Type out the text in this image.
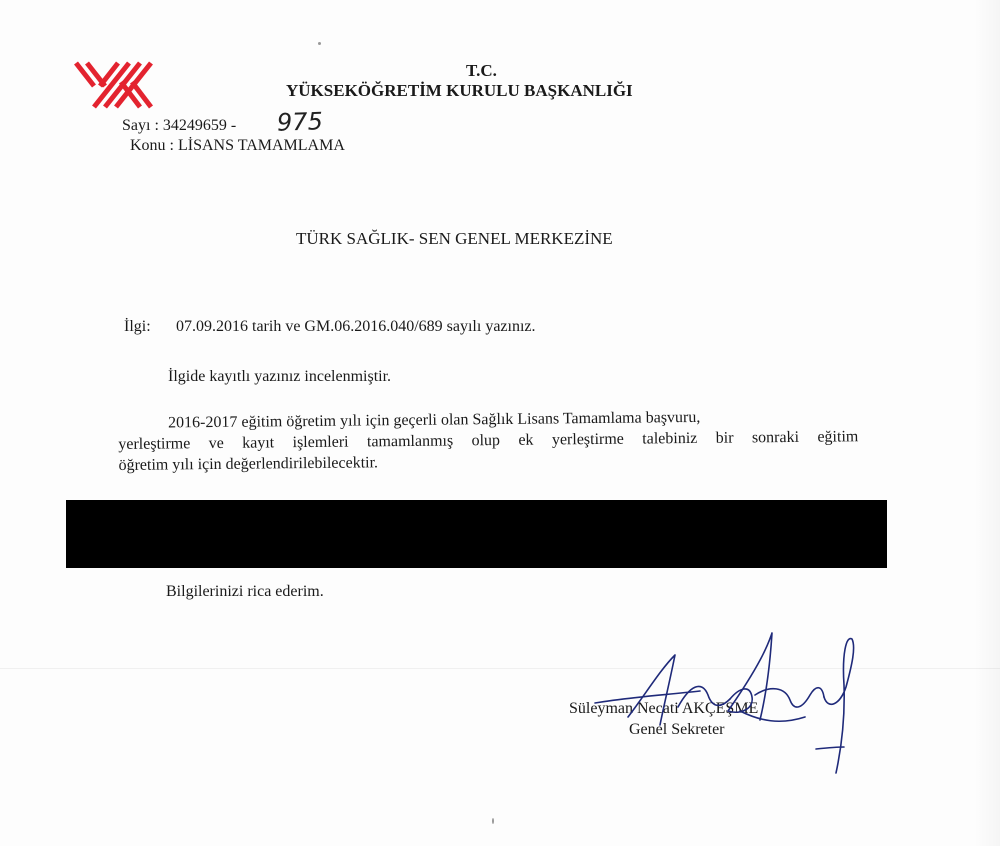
T.C.
YÜKSEKÖĞRETİM KURULU BAŞKANLIĞI
Sayı : 34249659 - 975
Konu : LİSANS TAMAMLAMA
TÜRK SAĞLIK- SEN GENEL MERKEZİNE
İlgi: 07.09.2016 tarih ve GM.06.2016.040/689 sayılı yazınız.
İlgide kayıtlı yazınız incelenmiştir.
2016-2017 eğitim öğretim yılı için geçerli olan Sağlık Lisans Tamamlama başvuru,
yerleştirme ve kayıt işlemleri tamamlanmış olup ek yerleştirme talebiniz bir sonraki eğitim
öğretim yılı için değerlendirilebilecektir.
Bilgilerinizi rica ederim.
Süleyman Necati AKÇEŞME
Genel Sekreter
